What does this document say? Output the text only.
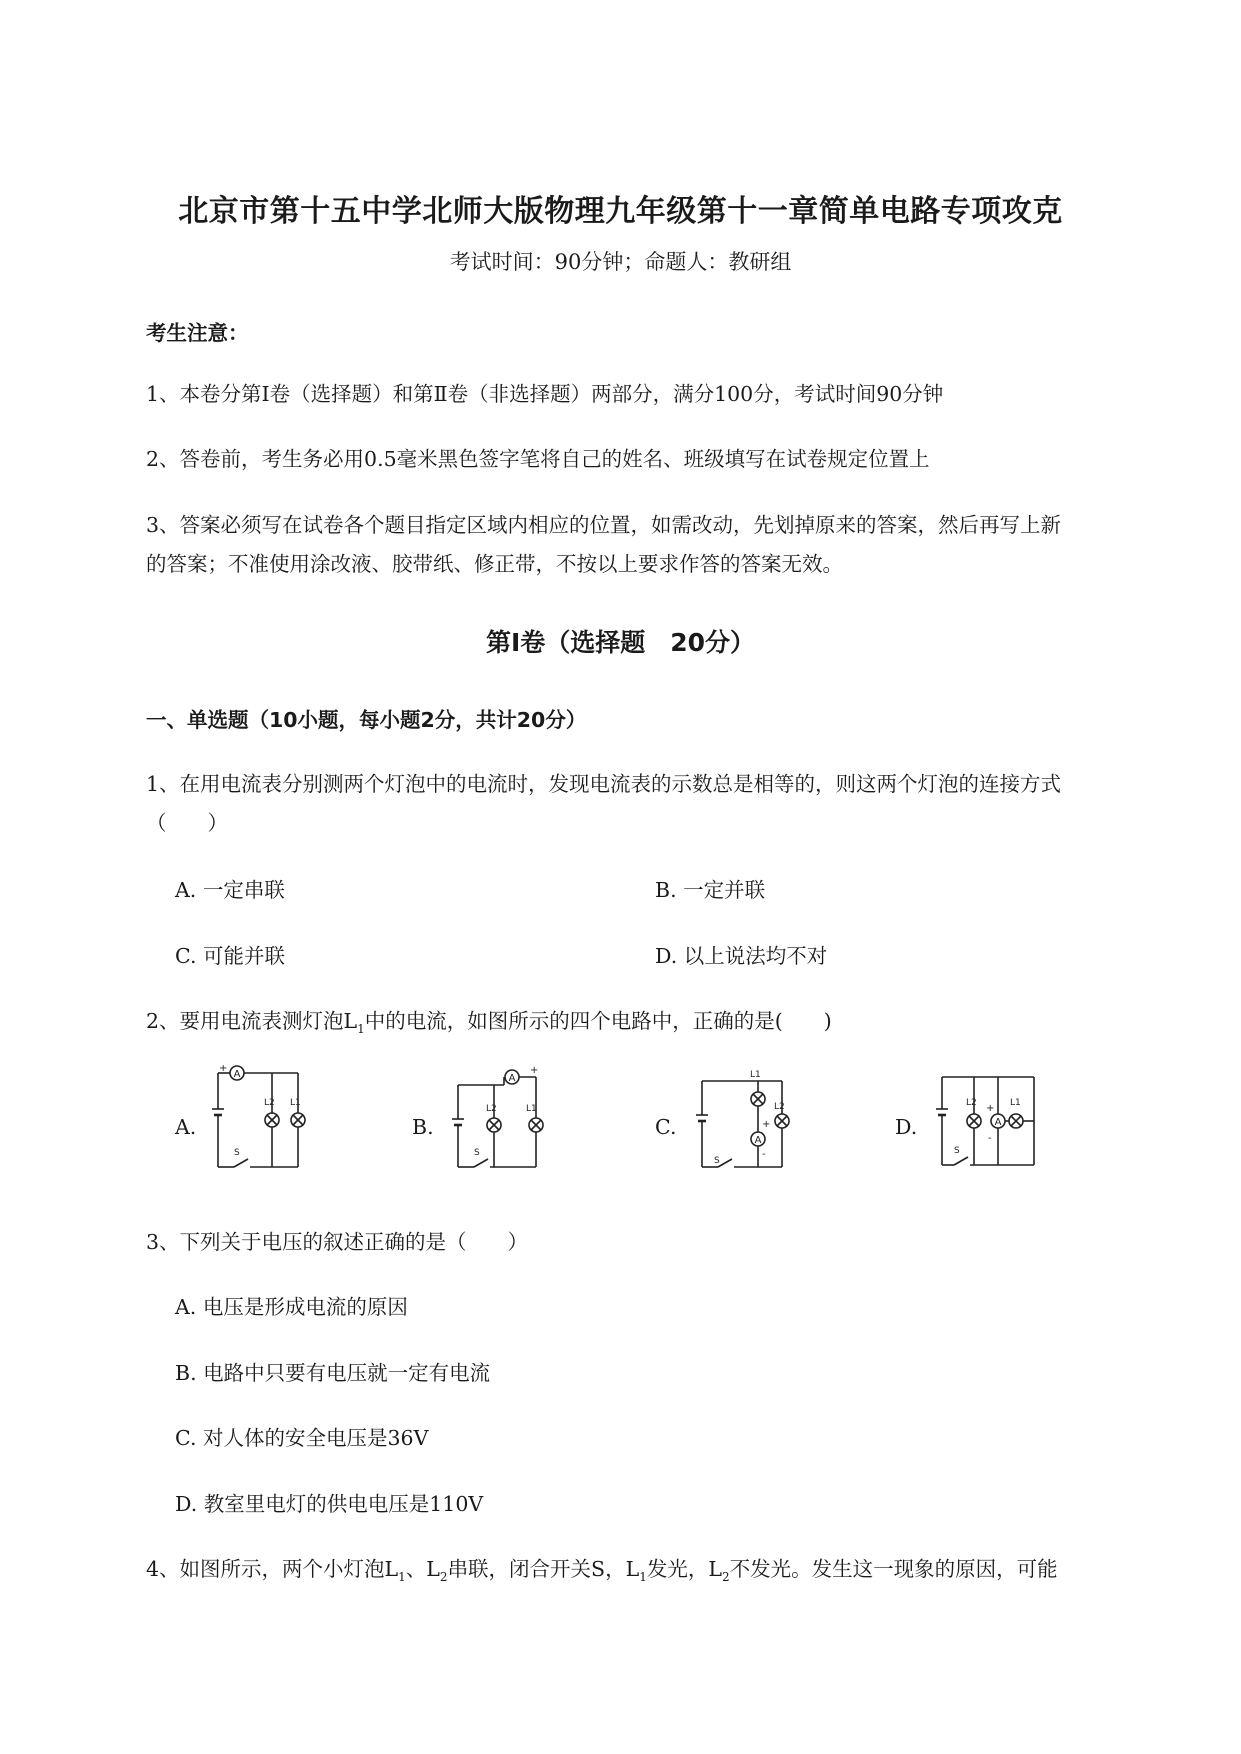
北京市第十五中学北师大版物理九年级第十一章简单电路专项攻克
考试时间：90分钟；命题人：教研组
考生注意：
1、本卷分第I卷（选择题）和第Ⅱ卷（非选择题）两部分，满分100分，考试时间90分钟
2、答卷前，考生务必用0.5毫米黑色签字笔将自己的姓名、班级填写在试卷规定位置上
3、答案必须写在试卷各个题目指定区域内相应的位置，如需改动，先划掉原来的答案，然后再写上新
的答案；不准使用涂改液、胶带纸、修正带，不按以上要求作答的答案无效。
第I卷（选择题　20分）
一、单选题（10小题，每小题2分，共计20分）
1、在用电流表分别测两个灯泡中的电流时，发现电流表的示数总是相等的，则这两个灯泡的连接方式
（　　）
A. 一定串联	B. 一定并联
C. 可能并联	D. 以上说法均不对
2、要用电流表测灯泡$L_1$中的电流，如图所示的四个电路中，正确的是(　　)
A.	B.	C.	D.
A
+
S
L2 L1
A
+
S
L2	L1
S
A
+
-
L1
L2
S
A
+
-
L2	L1
3、下列关于电压的叙述正确的是（　　）
A. 电压是形成电流的原因
B. 电路中只要有电压就一定有电流
C. 对人体的安全电压是36V
D. 教室里电灯的供电电压是110V
4、如图所示，两个小灯泡$L_1$、$L_2$串联，闭合开关S，$L_1$发光，$L_2$不发光。发生这一现象的原因，可能
